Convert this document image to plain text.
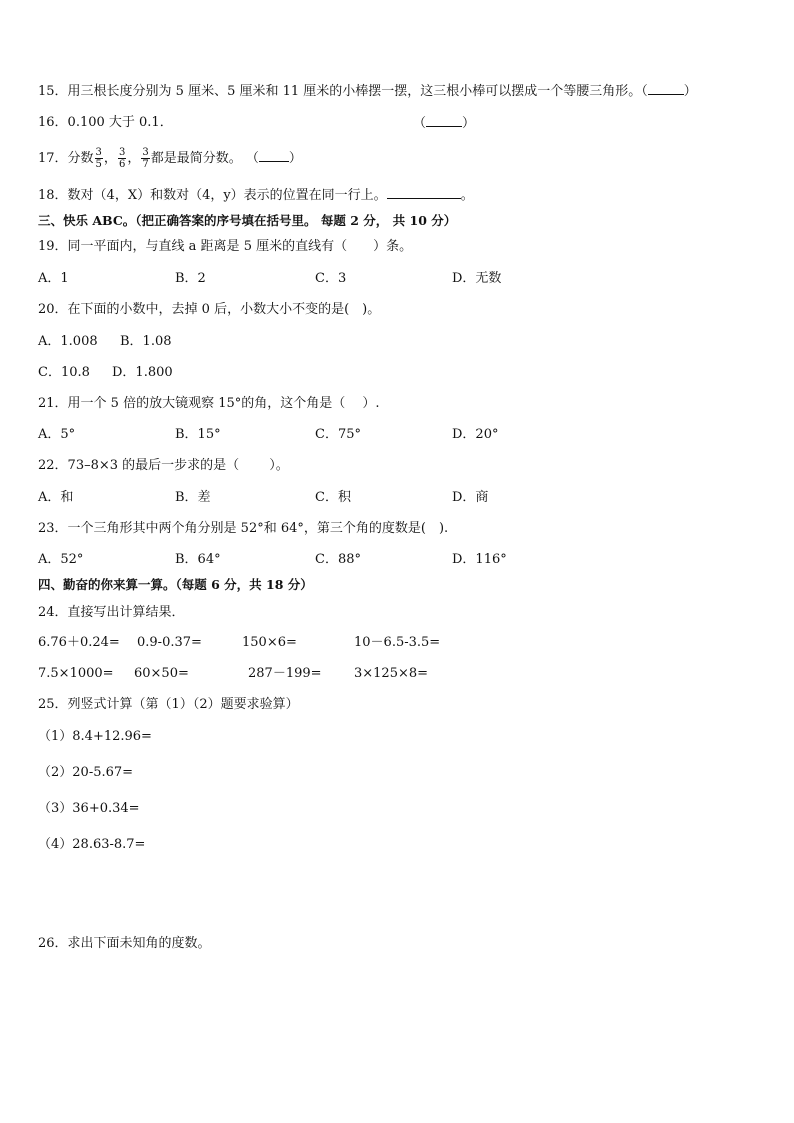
15．用三根长度分别为 5 厘米、5 厘米和 11 厘米的小棒摆一摆，这三根小棒可以摆成一个等腰三角形。（	）
16．0.100 大于 0.1．	（	）
17．分数 $\frac{3}{5}$ ， $\frac{3}{6}$ ， $\frac{3}{7}$ 都是最简分数。 （ ）
18．数对（4，X）和数对（4，y）表示的位置在同一行上。	。
三、快乐 ABC。（把正确答案的序号填在括号里。 每题 2 分， 共 10 分）
19．同一平面内，与直线 a 距离是 5 厘米的直线有（　　）条。
A．1	B．2	C．3	D．无数
20．在下面的小数中，去掉 0 后，小数大小不变的是(　)。
A．1.008 B．1.08
C．10.8 D．1.800
21．用一个 5 倍的放大镜观察 15°的角，这个角是（　 ）.
A．5°	B．15°	C．75°	D．20°
22．73–8×3 的最后一步求的是（　　 ）。
A．和	B．差	C．积	D．商
23．一个三角形其中两个角分别是 52°和 64°，第三个角的度数是(　).
A．52°	B．64°	C．88°	D．116°
四、勤奋的你来算一算。（每题 6 分，共 18 分）
24．直接写出计算结果．
6.76＋0.24= 0.9-0.37=	150×6=	10－6.5-3.5=
7.5×1000= 60×50=	287－199= 3×125×8=
25．列竖式计算（第（1）（2）题要求验算）
（1）8.4+12.96=
（2）20-5.67=
（3）36+0.34=
（4）28.63-8.7=
26．求出下面未知角的度数。
